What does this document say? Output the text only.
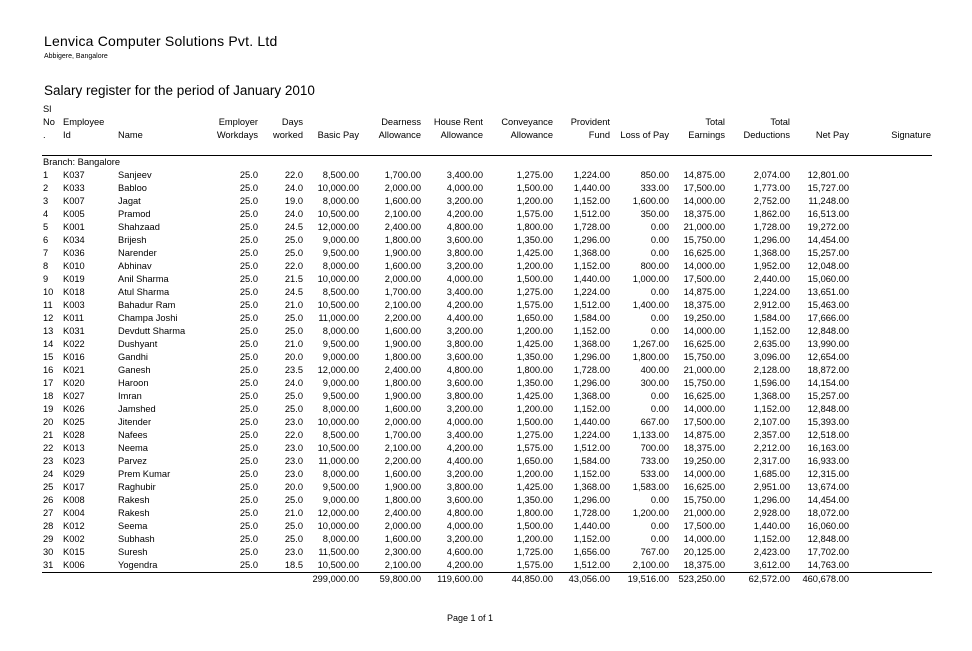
Lenvica Computer Solutions Pvt. Ltd
Abbigere, Bangalore
Salary register for the period of January 2010
Sl														
No	Employee		Employer	Days		Dearness	House Rent	Conveyance	Provident		Total	Total		
.	Id	Name	Workdays	worked	Basic Pay	Allowance	Allowance	Allowance	Fund	Loss of Pay	Earnings	Deductions	Net Pay	Signature

Branch: Bangalore														
1	K037	Sanjeev	25.0	22.0	8,500.00	1,700.00	3,400.00	1,275.00	1,224.00	850.00	14,875.00	2,074.00	12,801.00	
2	K033	Babloo	25.0	24.0	10,000.00	2,000.00	4,000.00	1,500.00	1,440.00	333.00	17,500.00	1,773.00	15,727.00	
3	K007	Jagat	25.0	19.0	8,000.00	1,600.00	3,200.00	1,200.00	1,152.00	1,600.00	14,000.00	2,752.00	11,248.00	
4	K005	Pramod	25.0	24.0	10,500.00	2,100.00	4,200.00	1,575.00	1,512.00	350.00	18,375.00	1,862.00	16,513.00	
5	K001	Shahzaad	25.0	24.5	12,000.00	2,400.00	4,800.00	1,800.00	1,728.00	0.00	21,000.00	1,728.00	19,272.00	
6	K034	Brijesh	25.0	25.0	9,000.00	1,800.00	3,600.00	1,350.00	1,296.00	0.00	15,750.00	1,296.00	14,454.00	
7	K036	Narender	25.0	25.0	9,500.00	1,900.00	3,800.00	1,425.00	1,368.00	0.00	16,625.00	1,368.00	15,257.00	
8	K010	Abhinav	25.0	22.0	8,000.00	1,600.00	3,200.00	1,200.00	1,152.00	800.00	14,000.00	1,952.00	12,048.00	
9	K019	Anil Sharma	25.0	21.5	10,000.00	2,000.00	4,000.00	1,500.00	1,440.00	1,000.00	17,500.00	2,440.00	15,060.00	
10	K018	Atul Sharma	25.0	24.5	8,500.00	1,700.00	3,400.00	1,275.00	1,224.00	0.00	14,875.00	1,224.00	13,651.00	
11	K003	Bahadur Ram	25.0	21.0	10,500.00	2,100.00	4,200.00	1,575.00	1,512.00	1,400.00	18,375.00	2,912.00	15,463.00	
12	K011	Champa Joshi	25.0	25.0	11,000.00	2,200.00	4,400.00	1,650.00	1,584.00	0.00	19,250.00	1,584.00	17,666.00	
13	K031	Devdutt Sharma	25.0	25.0	8,000.00	1,600.00	3,200.00	1,200.00	1,152.00	0.00	14,000.00	1,152.00	12,848.00	
14	K022	Dushyant	25.0	21.0	9,500.00	1,900.00	3,800.00	1,425.00	1,368.00	1,267.00	16,625.00	2,635.00	13,990.00	
15	K016	Gandhi	25.0	20.0	9,000.00	1,800.00	3,600.00	1,350.00	1,296.00	1,800.00	15,750.00	3,096.00	12,654.00	
16	K021	Ganesh	25.0	23.5	12,000.00	2,400.00	4,800.00	1,800.00	1,728.00	400.00	21,000.00	2,128.00	18,872.00	
17	K020	Haroon	25.0	24.0	9,000.00	1,800.00	3,600.00	1,350.00	1,296.00	300.00	15,750.00	1,596.00	14,154.00	
18	K027	Imran	25.0	25.0	9,500.00	1,900.00	3,800.00	1,425.00	1,368.00	0.00	16,625.00	1,368.00	15,257.00	
19	K026	Jamshed	25.0	25.0	8,000.00	1,600.00	3,200.00	1,200.00	1,152.00	0.00	14,000.00	1,152.00	12,848.00	
20	K025	Jitender	25.0	23.0	10,000.00	2,000.00	4,000.00	1,500.00	1,440.00	667.00	17,500.00	2,107.00	15,393.00	
21	K028	Nafees	25.0	22.0	8,500.00	1,700.00	3,400.00	1,275.00	1,224.00	1,133.00	14,875.00	2,357.00	12,518.00	
22	K013	Neema	25.0	23.0	10,500.00	2,100.00	4,200.00	1,575.00	1,512.00	700.00	18,375.00	2,212.00	16,163.00	
23	K023	Parvez	25.0	23.0	11,000.00	2,200.00	4,400.00	1,650.00	1,584.00	733.00	19,250.00	2,317.00	16,933.00	
24	K029	Prem Kumar	25.0	23.0	8,000.00	1,600.00	3,200.00	1,200.00	1,152.00	533.00	14,000.00	1,685.00	12,315.00	
25	K017	Raghubir	25.0	20.0	9,500.00	1,900.00	3,800.00	1,425.00	1,368.00	1,583.00	16,625.00	2,951.00	13,674.00	
26	K008	Rakesh	25.0	25.0	9,000.00	1,800.00	3,600.00	1,350.00	1,296.00	0.00	15,750.00	1,296.00	14,454.00	
27	K004	Rakesh	25.0	21.0	12,000.00	2,400.00	4,800.00	1,800.00	1,728.00	1,200.00	21,000.00	2,928.00	18,072.00	
28	K012	Seema	25.0	25.0	10,000.00	2,000.00	4,000.00	1,500.00	1,440.00	0.00	17,500.00	1,440.00	16,060.00	
29	K002	Subhash	25.0	25.0	8,000.00	1,600.00	3,200.00	1,200.00	1,152.00	0.00	14,000.00	1,152.00	12,848.00	
30	K015	Suresh	25.0	23.0	11,500.00	2,300.00	4,600.00	1,725.00	1,656.00	767.00	20,125.00	2,423.00	17,702.00	
31	K006	Yogendra	25.0	18.5	10,500.00	2,100.00	4,200.00	1,575.00	1,512.00	2,100.00	18,375.00	3,612.00	14,763.00	
					299,000.00	59,800.00	119,600.00	44,850.00	43,056.00	19,516.00	523,250.00	62,572.00	460,678.00	
Page 1 of 1
